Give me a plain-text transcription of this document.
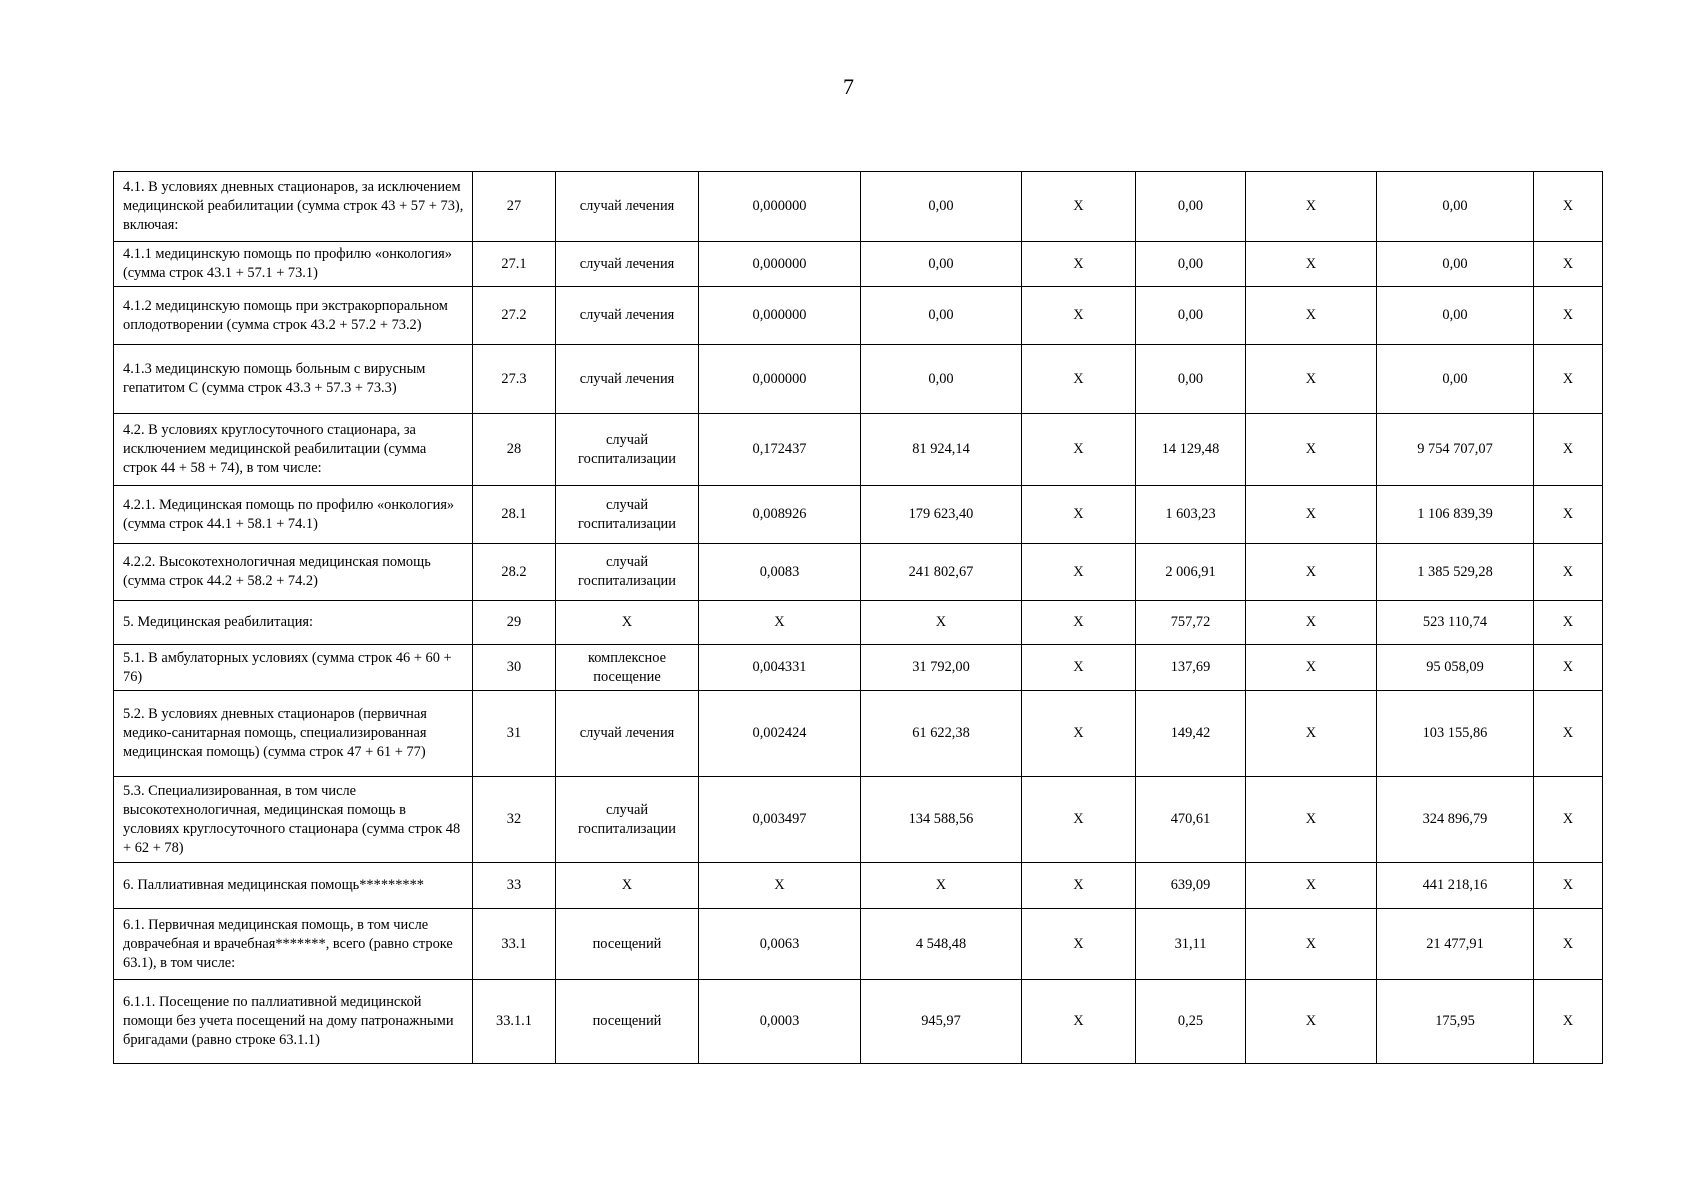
7
4.1. В условиях дневных стационаров, за исключением медицинской реабилитации (сумма строк 43 + 57 + 73), включая:	27	случай лечения	0,000000	0,00	X	0,00	X	0,00	X
4.1.1 медицинскую помощь по профилю «онкология» (сумма строк 43.1 + 57.1 + 73.1)	27.1	случай лечения	0,000000	0,00	X	0,00	X	0,00	X
4.1.2 медицинскую помощь при экстракорпоральном оплодотворении (сумма строк 43.2 + 57.2 + 73.2)	27.2	случай лечения	0,000000	0,00	X	0,00	X	0,00	X
4.1.3 медицинскую помощь больным с вирусным гепатитом С (сумма строк 43.3 + 57.3 + 73.3)	27.3	случай лечения	0,000000	0,00	X	0,00	X	0,00	X
4.2. В условиях круглосуточного стационара, за исключением медицинской реабилитации (сумма строк 44 + 58 + 74), в том числе:	28	случай госпитализации	0,172437	81 924,14	X	14 129,48	X	9 754 707,07	X
4.2.1. Медицинская помощь по профилю «онкология» (сумма строк 44.1 + 58.1 + 74.1)	28.1	случай госпитализации	0,008926	179 623,40	X	1 603,23	X	1 106 839,39	X
4.2.2. Высокотехнологичная медицинская помощь (сумма строк 44.2 + 58.2 + 74.2)	28.2	случай госпитализации	0,0083	241 802,67	X	2 006,91	X	1 385 529,28	X
5. Медицинская реабилитация:	29	X	X	X	X	757,72	X	523 110,74	X
5.1. В амбулаторных условиях (сумма строк 46 + 60 + 76)	30	комплексное посещение	0,004331	31 792,00	X	137,69	X	95 058,09	X
5.2. В условиях дневных стационаров (первичная медико-санитарная помощь, специализированная медицинская помощь) (сумма строк 47 + 61 + 77)	31	случай лечения	0,002424	61 622,38	X	149,42	X	103 155,86	X
5.3. Специализированная, в том числе высокотехнологичная, медицинская помощь в условиях круглосуточного стационара (сумма строк 48 + 62 + 78)	32	случай госпитализации	0,003497	134 588,56	X	470,61	X	324 896,79	X
6. Паллиативная медицинская помощь*********	33	X	X	X	X	639,09	X	441 218,16	X
6.1. Первичная медицинская помощь, в том числе доврачебная и врачебная*******, всего (равно строке 63.1), в том числе:	33.1	посещений	0,0063	4 548,48	X	31,11	X	21 477,91	X
6.1.1. Посещение по паллиативной медицинской помощи без учета посещений на дому патронажными бригадами (равно строке 63.1.1)	33.1.1	посещений	0,0003	945,97	X	0,25	X	175,95	X
